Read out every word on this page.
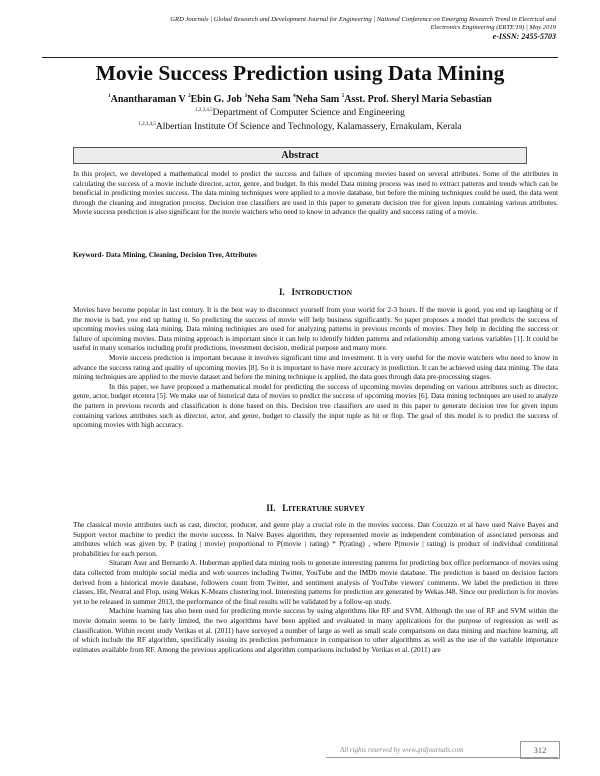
GRD Journals | Global Research and Development Journal for Engineering | National Conference on Emerging Research Trend in Electrical and
Electronics Engineering (ERTE'19) | May 2019
e-ISSN: 2455-5703
Movie Success Prediction using Data Mining
$^1$Anantharaman V $^2$Ebin G. Job $^3$Neha Sam $^4$Neha Sam $^5$Asst. Prof. Sheryl Maria Sebastian
$^{1,2,3,4,5}$Department of Computer Science and Engineering
$^{1,2,3,4,5}$Albertian Institute Of Science and Technology, Kalamassery, Ernakulam, Kerala
Abstract

In this project, we developed a mathematical model to predict the success and failure of upcoming movies based on several attributes. Some of the attributes in calculating the success of a movie include director, actor, genre, and budget. In this model Data mining process was used to extract patterns and trends which can be beneficial in predicting movies success. The data mining techniques were applied to a movie database, but before the mining techniques could be used, the data went through the cleaning and integration process. Decision tree classifiers are used in this paper to generate decision tree for given inputs containing various attributes. Movie success prediction is also significant for the movie watchers who need to know in advance the quality and success rating of a movie.

Keyword- Data Mining, Cleaning, Decision Tree, Attributes
I. INTRODUCTION

Movies have become popular in last century. It is the best way to disconnect yourself from your world for 2-3 hours. If the movie is good, you end up laughing or if the movie is bad, you end up hating it. So predicting the success of movie will help business significantly. So paper proposes a model that predicts the success of upcoming movies using data mining. Data mining techniques are used for analyzing patterns in previous records of movies. They help in deciding the success or failure of upcoming movies. Data mining approach is important since it can help to identify hidden patterns and relationship among various variables [1]. It could be useful in many scenarios including profit predictions, investment decision, medical purpose and many more.

Movie success prediction is important because it involves significant time and investment. It is very useful for the movie watchers who need to know in advance the success rating and quality of upcoming movies [8]. So it is important to have more accuracy in prediction. It can be achieved using data mining. The data mining techniques are applied to the movie dataset and before the mining technique is applied, the data goes through data pre-processing stages.

In this paper, we have proposed a mathematical model for predicting the success of upcoming movies depending on various attributes such as director, genre, actor, budget etcetera [5]. We make use of historical data of movies to predict the success of upcoming movies [6]. Data mining techniques are used to analyze the pattern in previous records and classification is done based on this. Decision tree classifiers are used in this paper to generate decision tree for given inputs containing various attributes such as director, actor, and genre, budget to classify the input tuple as hit or flop. The goal of this model is to predict the success of upcoming movies with high accuracy.

II. LITERATURE SURVEY

The classical movie attributes such as cast, director, producer, and genre play a crucial role in the movies success. Dan Cocuzzo et al have used Naive Bayes and Support vector machine to predict the movie success. In Naive Bayes algorithm, they represented movie as independent combination of associated personas and attributes which was given by, P (rating | movie) proportional to P(movie | rating) * P(rating) , where P(movie | rating) is product of individual conditional probabilities for each person.

Sitaram Asur and Bernardo A. Huberman applied data mining tools to generate interesting patterns for predicting box office performance of movies using data collected from multiple social media and web sources including Twitter, YouTube and the IMDb movie database. The prediction is based on decision factors derived from a historical movie database, followers count from Twitter, and sentiment analysis of YouTube viewers' comments. We label the prediction in three classes, Hit, Neutral and Flop, using Wekas K-Means clustering tool. Interesting patterns for prediction are generated by Wekas J48. Since our prediction is for movies yet to be released in summer 2013, the performance of the final results will be validated by a follow-up study.

Machine learning has also been used for predicting movie success by using algorithms like RF and SVM. Although the use of RF and SVM within the movie domain seems to be fairly limited, the two algorithms have been applied and evaluated in many applications for the purpose of regression as well as classification. Within recent study Verikas et al. (2011) have surveyed a number of large as well as small scale comparisons on data mining and machine learning, all of which include the RF algorithm, specifically issuing its prediction performance in comparison to other algorithms as well as the use of the variable importance estimates available from RF. Among the previous applications and algorithm comparisons included by Verikas et al. (2011) are

All rights reserved by www.grdjournals.com	312
